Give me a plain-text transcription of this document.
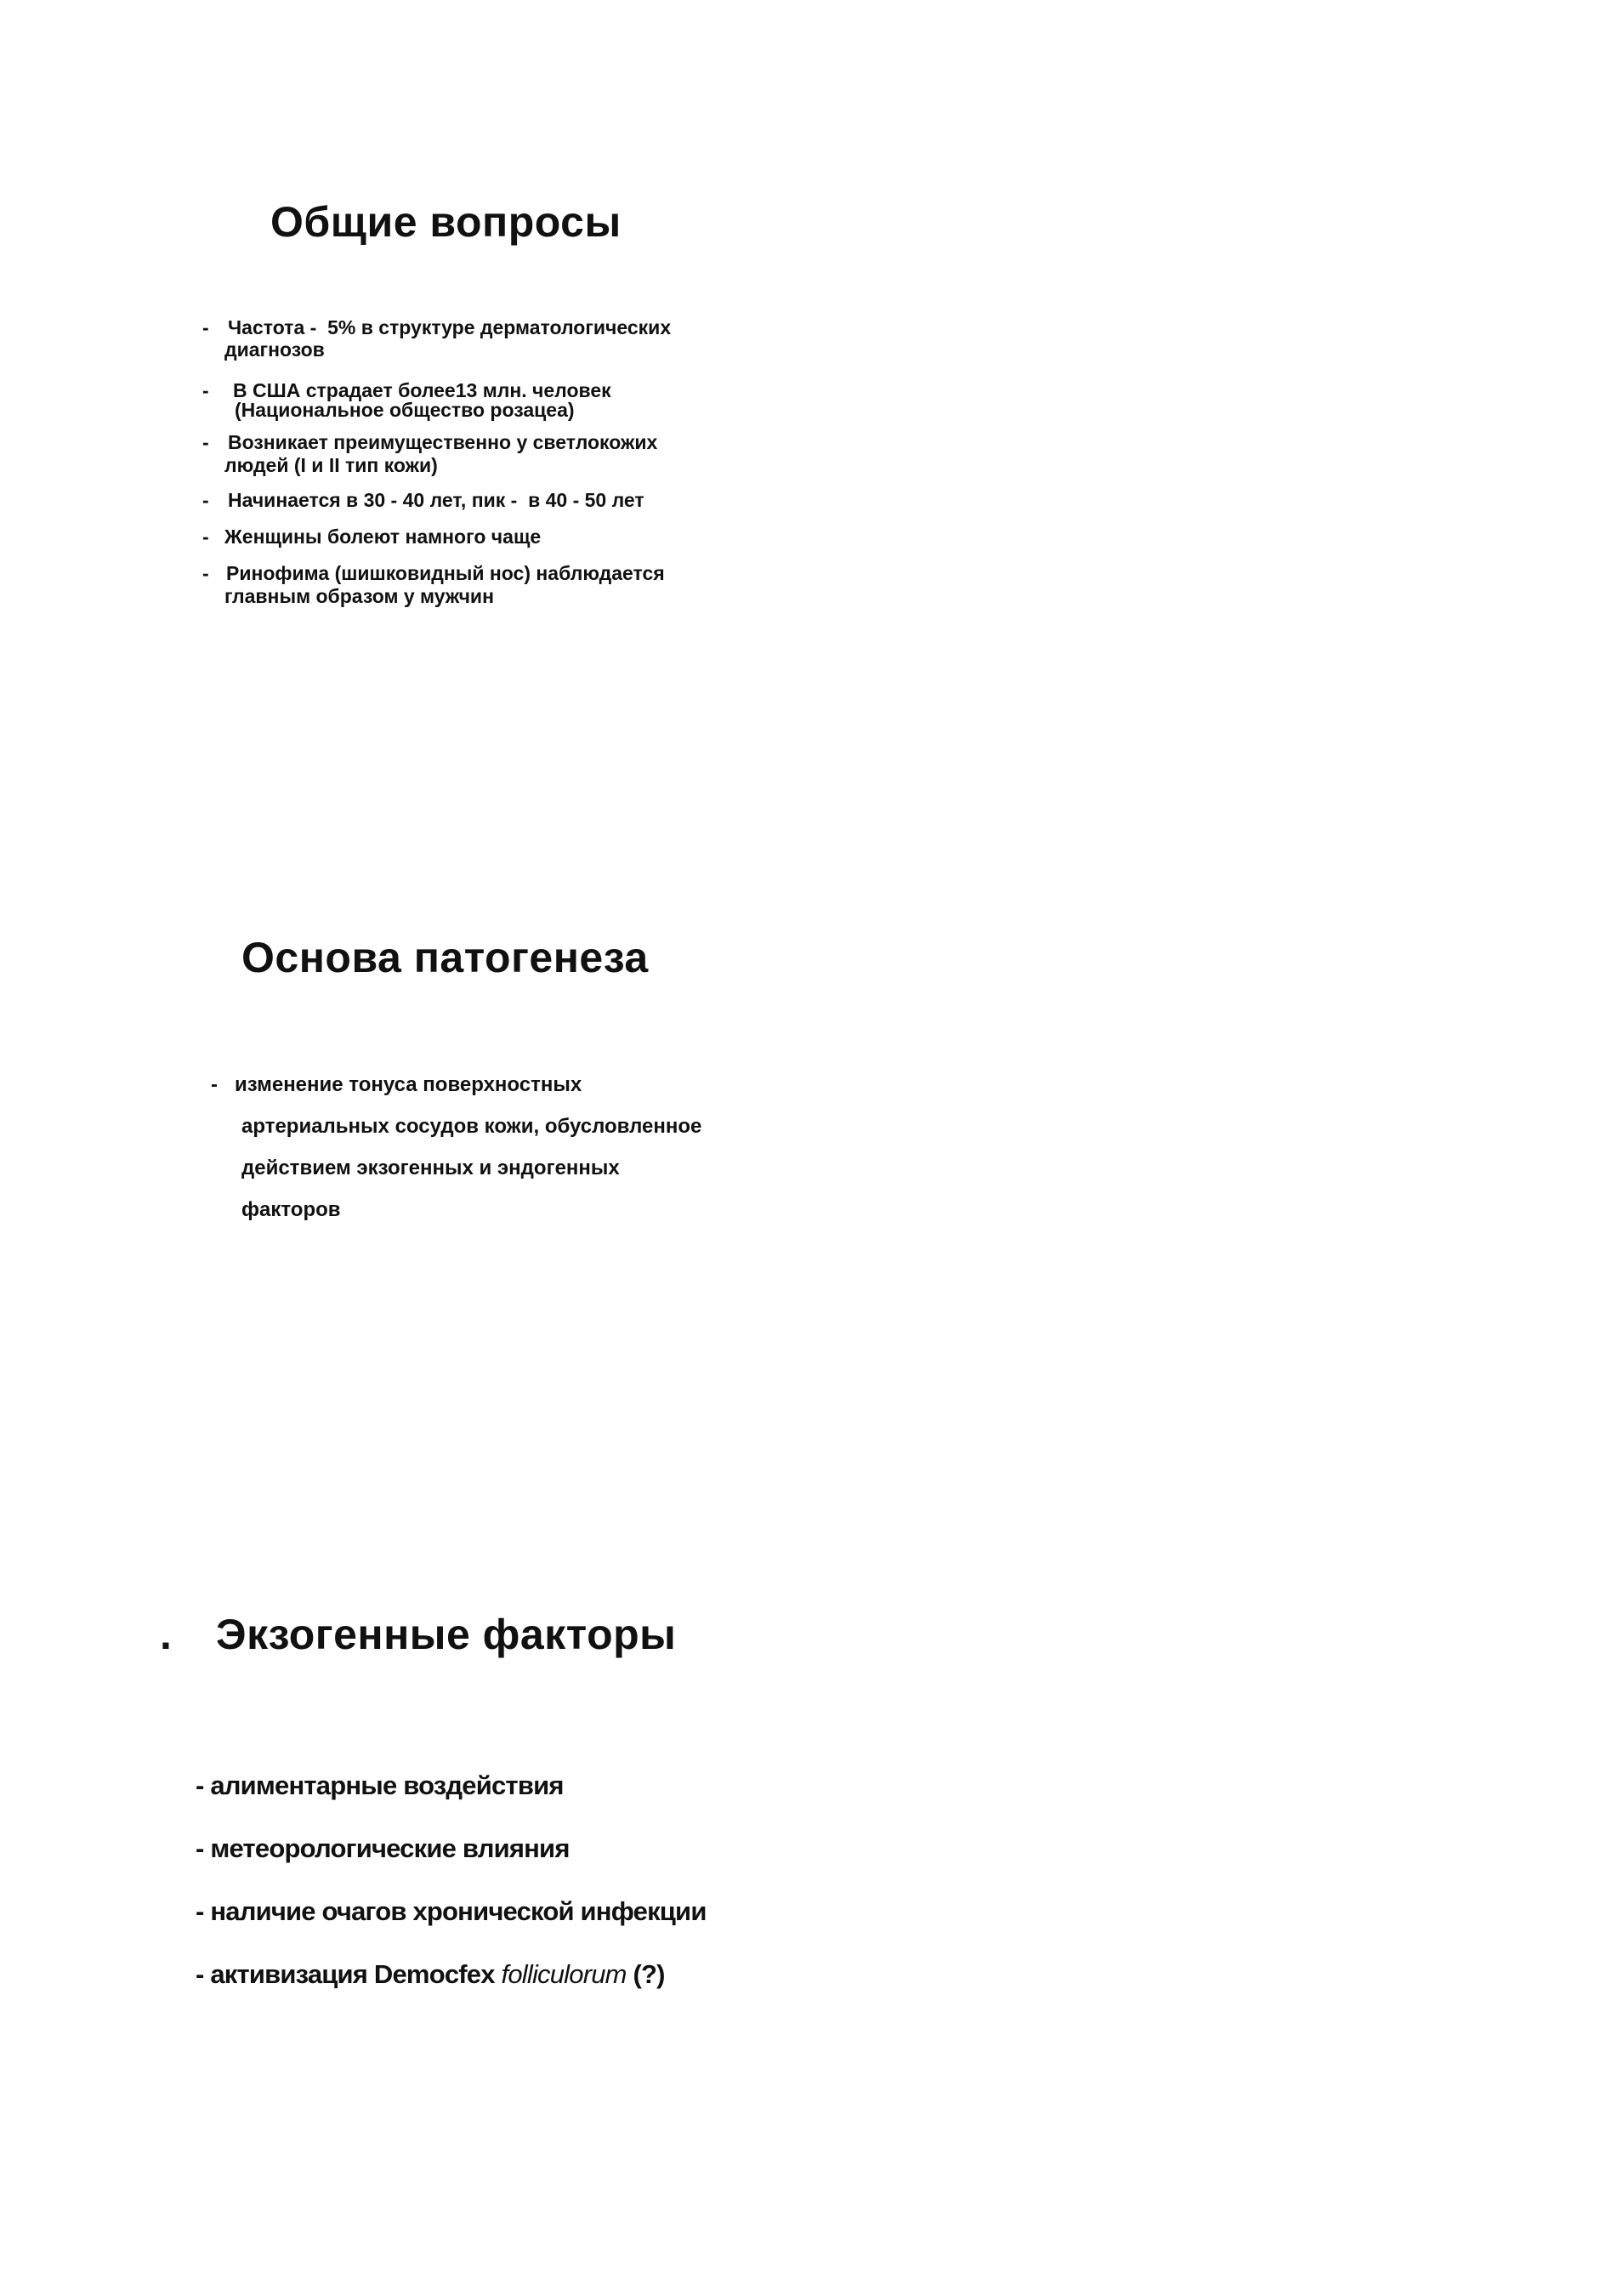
Общие вопросы
- Частота -  5% в структуре дерматологических
диагнозов
- В США страдает более13 млн. человек
(Национальное общество розацеа)
- Возникает преимущественно у светлокожих
людей (I и II тип кожи)
- Начинается в 30 - 40 лет, пик -  в 40 - 50 лет
- Женщины болеют намного чаще
- Ринофима (шишковидный нос) наблюдается
главным образом у мужчин
Основа патогенеза
- изменение тонуса поверхностных
артериальных сосудов кожи, обусловленное
действием экзогенных и эндогенных
факторов
. Экзогенные факторы
- алиментарные воздействия
- метеорологические влияния
- наличие очагов хронической инфекции
- активизация Democfex folliculorum (?)
